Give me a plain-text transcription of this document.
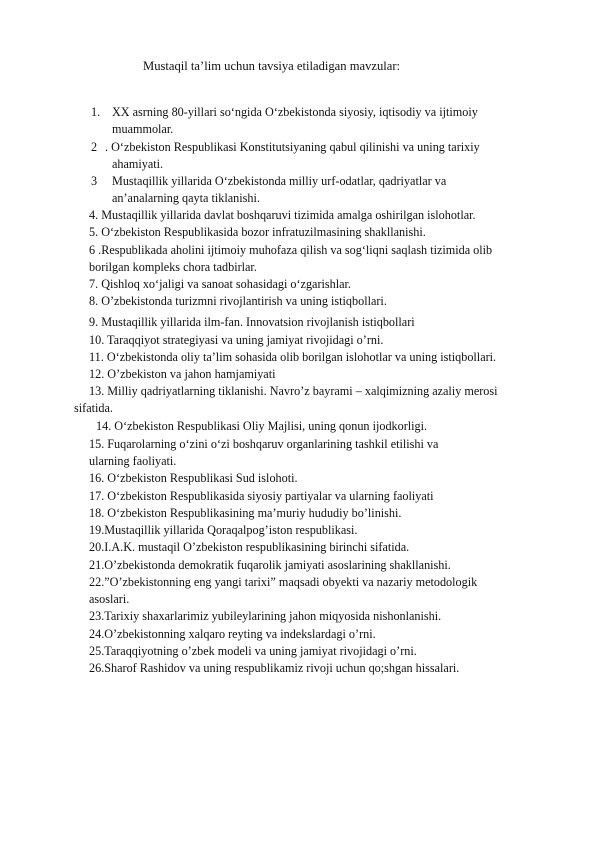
Mustaqil ta’lim uchun tavsiya etiladigan mavzular:
1. XX asrning 80-yillari so‘ngida O‘zbekistonda siyosiy, iqtisodiy va ijtimoiy
muammolar.
2 . O‘zbekiston Respublikasi Konstitutsiyaning qabul qilinishi va uning tarixiy
ahamiyati.
3 Mustaqillik yillarida O‘zbekistonda milliy urf-odatlar, qadriyatlar va
an’analarning qayta tiklanishi.
4. Mustaqillik yillarida davlat boshqaruvi tizimida amalga oshirilgan islohotlar.
5. O‘zbekiston Respublikasida bozor infratuzilmasining shakllanishi.
6 .Respublikada aholini ijtimoiy muhofaza qilish va sog‘liqni saqlash tizimida olib
borilgan kompleks chora tadbirlar.
7. Qishloq xo‘jaligi va sanoat sohasidagi o‘zgarishlar.
8. O’zbekistonda turizmni rivojlantirish va uning istiqbollari.
9. Mustaqillik yillarida ilm-fan. Innovatsion rivojlanish istiqbollari
10. Taraqqiyot strategiyasi va uning jamiyat rivojidagi o’rni.
11. O‘zbekistonda oliy ta’lim sohasida olib borilgan islohotlar va uning istiqbollari.
12. O’zbekiston va jahon hamjamiyati
13. Milliy qadriyatlarning tiklanishi. Navro’z bayrami – xalqimizning azaliy merosi
sifatida.
14. O‘zbekiston Respublikasi Oliy Majlisi, uning qonun ijodkorligi.
15. Fuqarolarning o‘zini o‘zi boshqaruv organlarining tashkil etilishi va
ularning faoliyati.
16. O‘zbekiston Respublikasi Sud islohoti.
17. O‘zbekiston Respublikasida siyosiy partiyalar va ularning faoliyati
18. O‘zbekiston Respublikasining ma’muriy hududiy bo’linishi.
19.Mustaqillik yillarida Qoraqalpog’iston respublikasi.
20.I.A.K. mustaqil O’zbekiston respublikasining birinchi sifatida.
21.O’zbekistonda demokratik fuqarolik jamiyati asoslarining shakllanishi.
22.”O’zbekistonning eng yangi tarixi” maqsadi obyekti va nazariy metodologik
asoslari.
23.Tarixiy shaxarlarimiz yubileylarining jahon miqyosida nishonlanishi.
24.O’zbekistonning xalqaro reyting va indekslardagi o’rni.
25.Taraqqiyotning o’zbek modeli va uning jamiyat rivojidagi o’rni.
26.Sharof Rashidov va uning respublikamiz rivoji uchun qo;shgan hissalari.
